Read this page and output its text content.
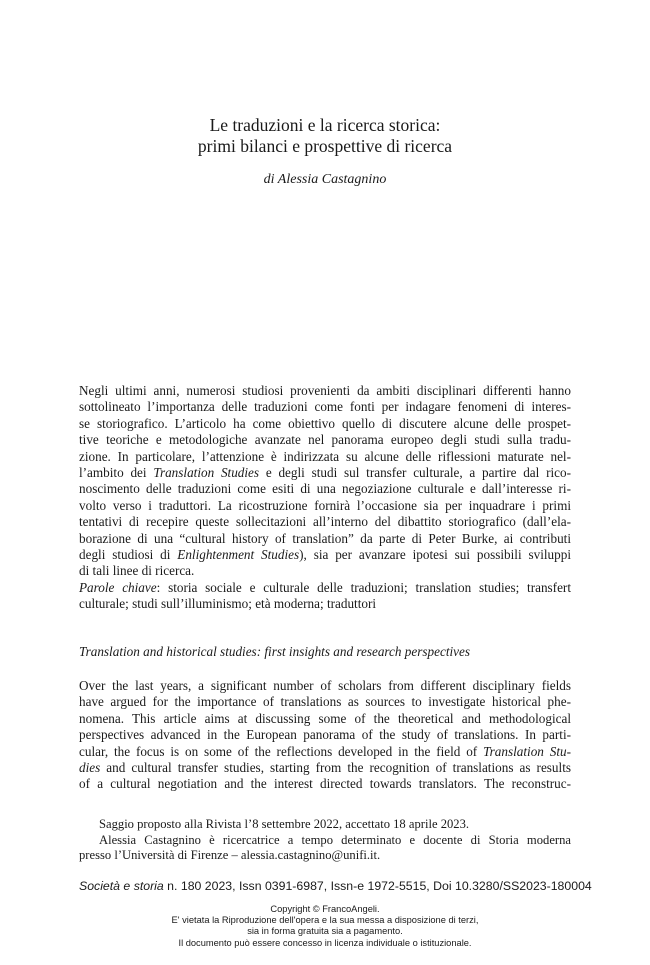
Le traduzioni e la ricerca storica:
primi bilanci e prospettive di ricerca
di Alessia Castagnino
Negli ultimi anni, numerosi studiosi provenienti da ambiti disciplinari differenti hanno
sottolineato l’importanza delle traduzioni come fonti per indagare fenomeni di interes-
se storiografico. L’articolo ha come obiettivo quello di discutere alcune delle prospet-
tive teoriche e metodologiche avanzate nel panorama europeo degli studi sulla tradu-
zione. In particolare, l’attenzione è indirizzata su alcune delle riflessioni maturate nel-
l’ambito dei Translation Studies e degli studi sul transfer culturale, a partire dal rico-
noscimento delle traduzioni come esiti di una negoziazione culturale e dall’interesse ri-
volto verso i traduttori. La ricostruzione fornirà l’occasione sia per inquadrare i primi
tentativi di recepire queste sollecitazioni all’interno del dibattito storiografico (dall’ela-
borazione di una “cultural history of translation” da parte di Peter Burke, ai contributi
degli studiosi di Enlightenment Studies), sia per avanzare ipotesi sui possibili sviluppi
di tali linee di ricerca.
Parole chiave: storia sociale e culturale delle traduzioni; translation studies; transfert
culturale; studi sull’illuminismo; età moderna; traduttori
Translation and historical studies: first insights and research perspectives
Over the last years, a significant number of scholars from different disciplinary fields
have argued for the importance of translations as sources to investigate historical phe-
nomena. This article aims at discussing some of the theoretical and methodological
perspectives advanced in the European panorama of the study of translations. In parti-
cular, the focus is on some of the reflections developed in the field of Translation Stu-
dies and cultural transfer studies, starting from the recognition of translations as results
of a cultural negotiation and the interest directed towards translators. The reconstruc-
Saggio proposto alla Rivista l’8 settembre 2022, accettato 18 aprile 2023.
Alessia Castagnino è ricercatrice a tempo determinato e docente di Storia moderna
presso l’Università di Firenze – alessia.castagnino@unifi.it.
Società e storia n. 180 2023, Issn 0391-6987, Issn-e 1972-5515, Doi 10.3280/SS2023-180004
Copyright © FrancoAngeli.
E' vietata la Riproduzione dell'opera e la sua messa a disposizione di terzi,
sia in forma gratuita sia a pagamento.
Il documento può essere concesso in licenza individuale o istituzionale.
